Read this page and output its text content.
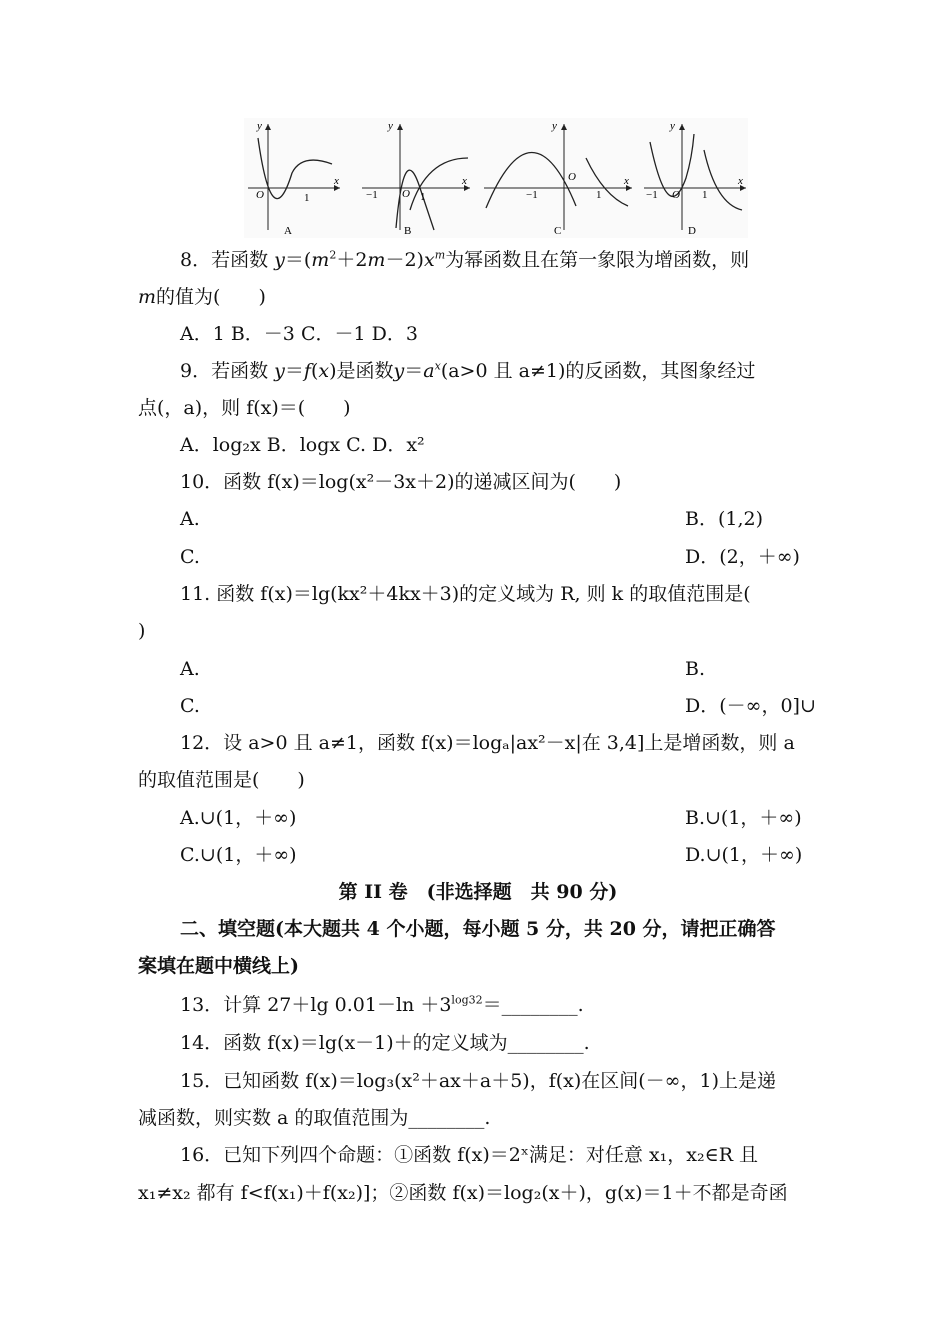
y
x
O	1
A
y
x
O 1
−1
B
y
x
O
1
−1
C
y
x
O 1
−1
D
8．若函数 $y=(m^2+2m-2)x^m$为幂函数且在第一象限为增函数，则
m的值为(　　)
A．1 B．－3 C．－1 D．3
9．若函数 y＝f(x)是函数$y=a^x(a>0$ 且 a≠1)的反函数，其图象经过
点(，a)，则 f(x)＝(　　)
A．log₂x B．logx C. D．x²
10．函数 f(x)＝log(x²－3x＋2)的递减区间为(　　)
A.	B．(1,2)
C.	D．(2，＋∞)
11. 函数 f(x)＝lg(kx²＋4kx＋3)的定义域为 R, 则 k 的取值范围是(
)
A.	B.
C.	D．(－∞，0]∪
12．设 a>0 且 a≠1，函数 f(x)＝logₐ|ax²－x|在 3,4]上是增函数，则 a
的取值范围是(　　)
A.∪(1，＋∞)	B.∪(1，＋∞)
C.∪(1，＋∞)	D.∪(1，＋∞)
第 II 卷　(非选择题　共 90 分)
二、填空题(本大题共 4 个小题，每小题 5 分，共 20 分，请把正确答
案填在题中横线上)
13．计算 27＋lg $0.01-\ln +3^{log32}=\_\_\_\_\_\_\_\_$.
14．函数 f(x)＝lg(x－1)＋的定义域为________.
15．已知函数 f(x)＝log₃(x²＋ax＋a＋5)，f(x)在区间(－∞，1)上是递
减函数，则实数 a 的取值范围为________.
16．已知下列四个命题：①函数 f(x)＝2ˣ满足：对任意 x₁，x₂∈R 且
x₁≠x₂ 都有 f<f(x₁)＋f(x₂)]；②函数 f(x)＝log₂(x＋)，g(x)＝1＋不都是奇函
